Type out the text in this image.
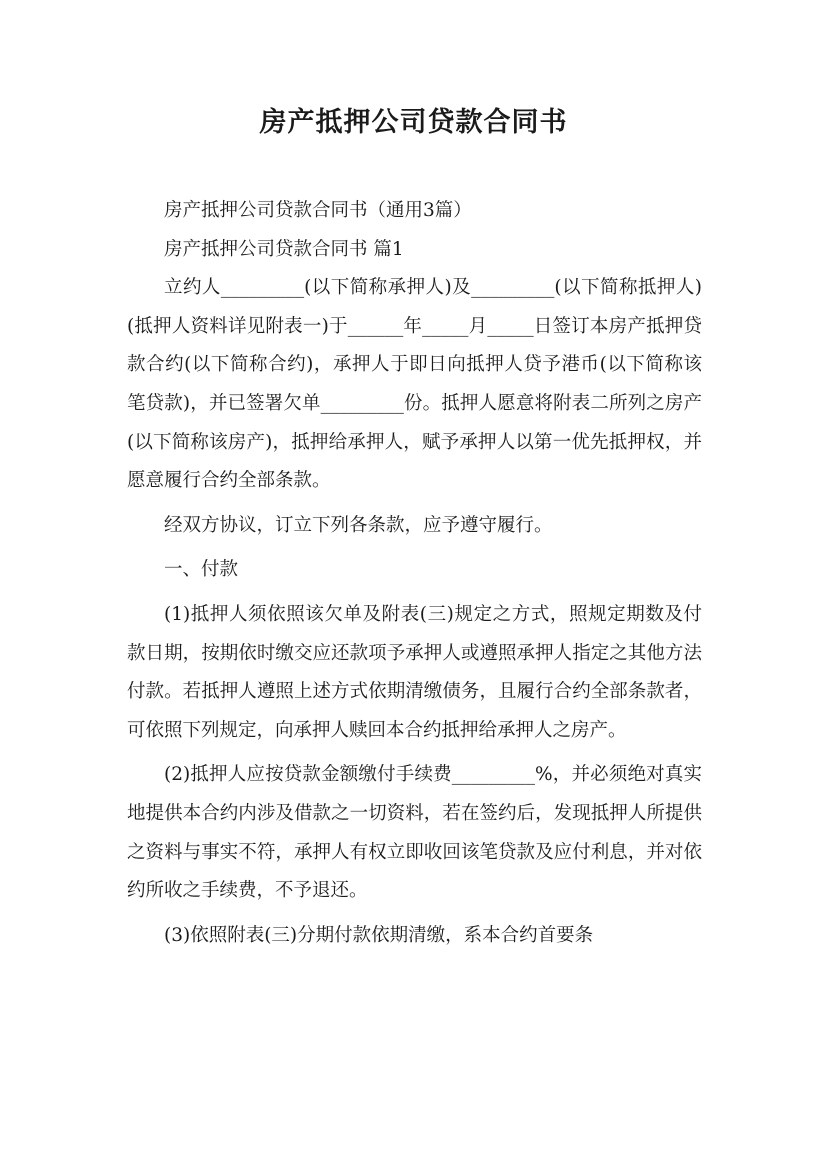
房产抵押公司贷款合同书

房产抵押公司贷款合同书（通用3篇）

房产抵押公司贷款合同书 篇1

立约人_________(以下简称承押人)及_________(以下简称抵押人)(抵押人资料详见附表一)于______年_____月_____日签订本房产抵押贷款合约(以下简称合约)，承押人于即日向抵押人贷予港币(以下简称该笔贷款)，并已签署欠单_________份。抵押人愿意将附表二所列之房产(以下简称该房产)，抵押给承押人，赋予承押人以第一优先抵押权，并愿意履行合约全部条款。

经双方协议，订立下列各条款，应予遵守履行。

一、付款

(1)抵押人须依照该欠单及附表(三)规定之方式，照规定期数及付款日期，按期依时缴交应还款项予承押人或遵照承押人指定之其他方法付款。若抵押人遵照上述方式依期清缴债务，且履行合约全部条款者，可依照下列规定，向承押人赎回本合约抵押给承押人之房产。

(2)抵押人应按贷款金额缴付手续费_________%，并必须绝对真实地提供本合约内涉及借款之一切资料，若在签约后，发现抵押人所提供之资料与事实不符，承押人有权立即收回该笔贷款及应付利息，并对依约所收之手续费，不予退还。

(3)依照附表(三)分期付款依期清缴，系本合约首要条
